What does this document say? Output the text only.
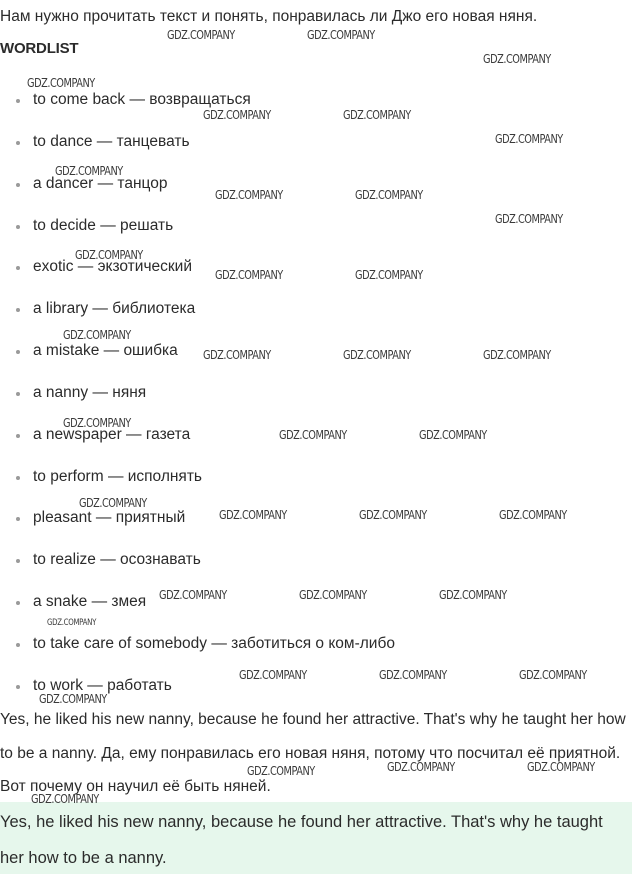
Нам нужно прочитать текст и понять, понравилась ли Джо его новая няня.
WORDLIST
to come back — возвращаться
to dance — танцевать
a dancer — танцор
to decide — решать
exotic — экзотический
a library — библиотека
a mistake — ошибка
a nanny — няня
a newspaper — газета
to perform — исполнять
pleasant — приятный
to realize — осознавать
a snake — змея
to take care of somebody — заботиться о ком-либо
to work — работать
Yes, he liked his new nanny, because he found her attractive. That's why he taught her how to be a nanny. Да, ему понравилась его новая няня, потому что посчитал её приятной. Вот почему он научил её быть няней.
Yes, he liked his new nanny, because he found her attractive. That's why he taught her how to be a nanny.
GDZ.COMPANY	GDZ.COMPANY
GDZ.COMPANY
GDZ.COMPANY
GDZ.COMPANY	GDZ.COMPANY
GDZ.COMPANY
GDZ.COMPANY
GDZ.COMPANY	GDZ.COMPANY
GDZ.COMPANY
GDZ.COMPANY
GDZ.COMPANY	GDZ.COMPANY
GDZ.COMPANY
GDZ.COMPANY	GDZ.COMPANY	GDZ.COMPANY
GDZ.COMPANY
GDZ.COMPANY	GDZ.COMPANY
GDZ.COMPANY
GDZ.COMPANY	GDZ.COMPANY	GDZ.COMPANY
GDZ.COMPANY	GDZ.COMPANY	GDZ.COMPANY
GDZ.COMPANY
GDZ.COMPANY	GDZ.COMPANY	GDZ.COMPANY
GDZ.COMPANY
GDZ.COMPANY	GDZ.COMPANY
GDZ.COMPANY
GDZ.COMPANY
